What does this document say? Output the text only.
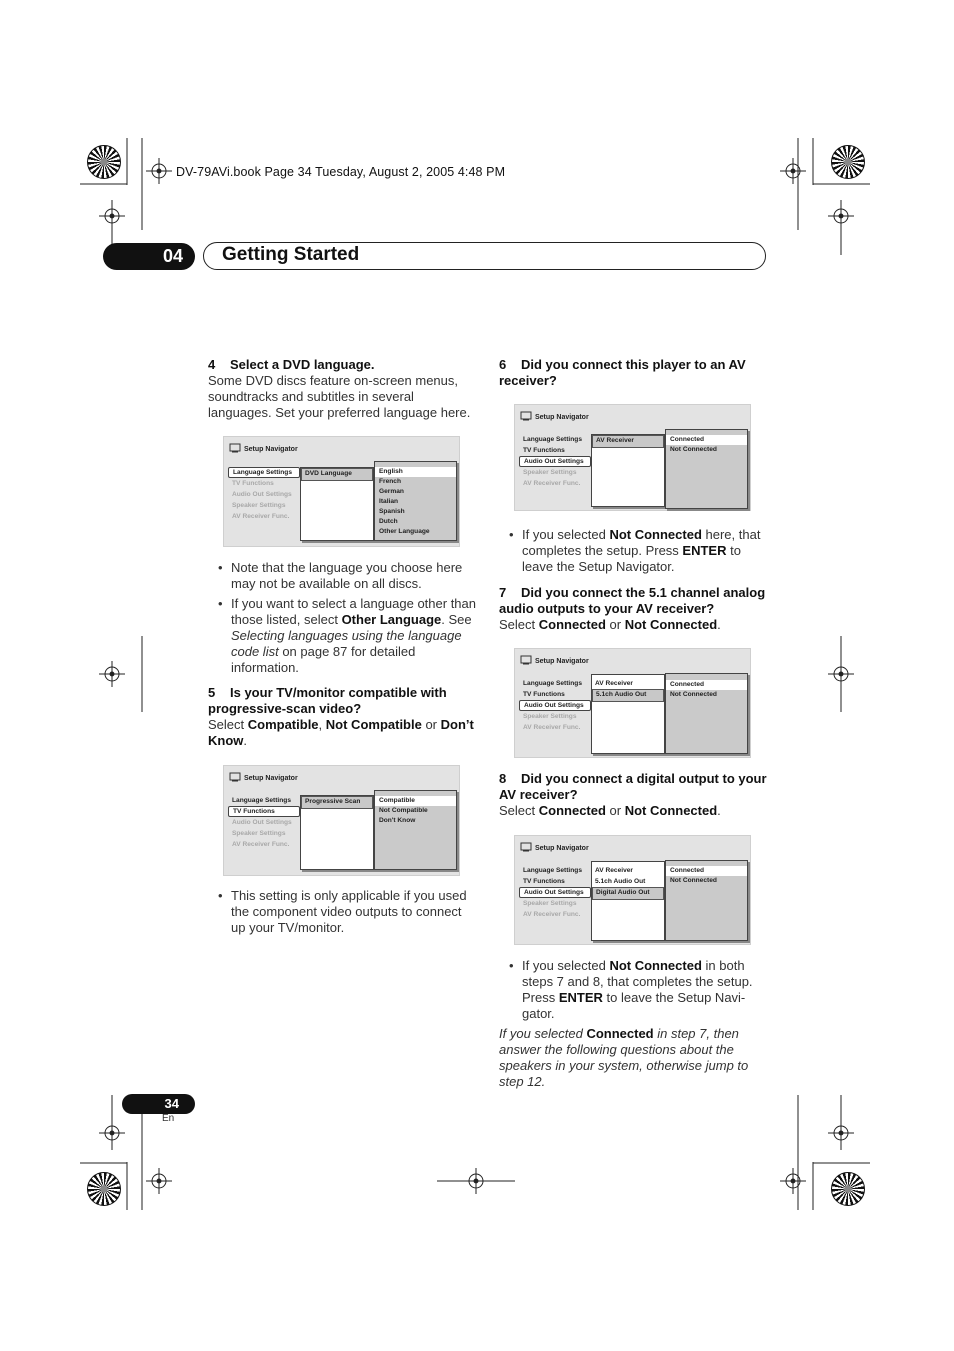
DV-79AVi.book Page 34 Tuesday, August 2, 2005 4:48 PM
04	Getting Started

4 Select a DVD language.

Some DVD discs feature on-screen menus, soundtracks and subtitles in several languages. Set your preferred language here.

Setup Navigator
Language Settings
TV Functions
Audio Out Settings
Speaker Settings
AV Receiver Func.
DVD Language	English
French
German
Italian
Spanish
Dutch
Other Language

• Note that the language you choose here may not be available on all discs.

• If you want to select a language other than those listed, select Other Language. See Selecting languages using the language code list on page 87 for detailed information.

5 Is your TV/monitor compatible with progressive-scan video?

Select Compatible, Not Compatible or Don’t Know.

Setup Navigator
Language Settings
TV Functions
Audio Out Settings
Speaker Settings
AV Receiver Func.
Progressive Scan	Compatible
Not Compatible
Don't Know

• This setting is only applicable if you used the component video outputs to connect up your TV/monitor.

6 Did you connect this player to an AV receiver?

Setup Navigator
Language Settings
TV Functions
Audio Out Settings
Speaker Settings
AV Receiver Func.
AV Receiver	Connected
Not Connected

• If you selected Not Connected here, that completes the setup. Press ENTER to leave the Setup Navigator.

7 Did you connect the 5.1 channel analog audio outputs to your AV receiver?

Select Connected or Not Connected.

Setup Navigator
Language Settings
TV Functions
Audio Out Settings
Speaker Settings
AV Receiver Func.
AV Receiver
5.1ch Audio Out
Connected
Not Connected

8 Did you connect a digital output to your AV receiver?

Select Connected or Not Connected.

Setup Navigator
Language Settings
TV Functions
Audio Out Settings
Speaker Settings
AV Receiver Func.
AV Receiver
5.1ch Audio Out
Digital Audio Out
Connected
Not Connected

• If you selected Not Connected in both steps 7 and 8, that completes the setup. Press ENTER to leave the Setup Navi-gator.

If you selected Connected in step 7, then answer the following questions about the speakers in your system, otherwise jump to step 12.

34
En
